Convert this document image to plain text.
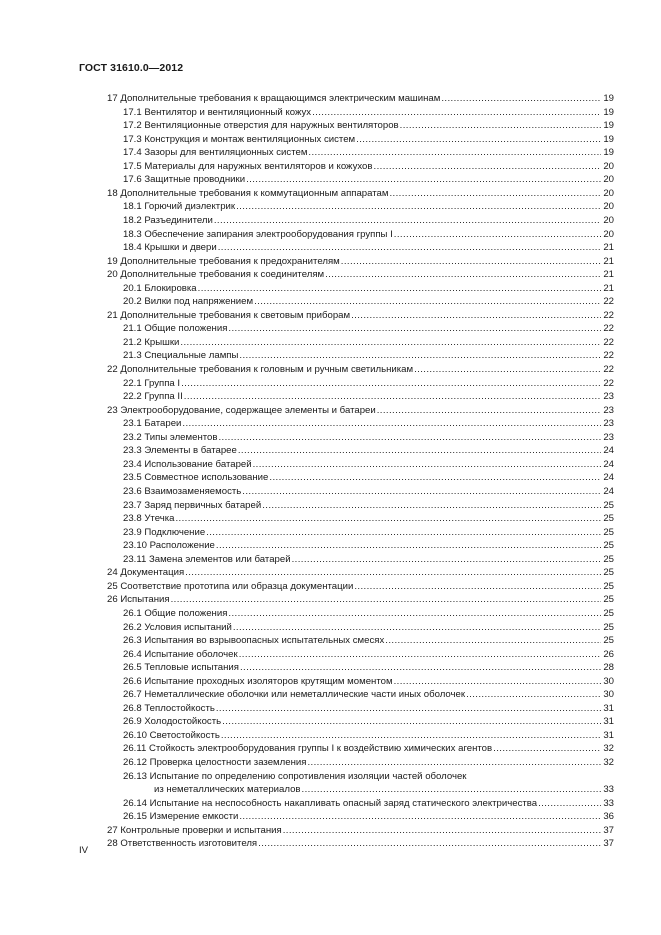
ГОСТ 31610.0—2012
17 Дополнительные требования к вращающимся электрическим машинам .....	19
17.1 Вентилятор и вентиляционный кожух .....	19
17.2 Вентиляционные отверстия для наружных вентиляторов .....	19
17.3 Конструкция и монтаж вентиляционных систем .....	19
17.4 Зазоры для вентиляционных систем .....	19
17.5 Материалы для наружных вентиляторов и кожухов .....	20
17.6 Защитные проводники .....	20
18 Дополнительные требования к коммутационным аппаратам .....	20
18.1 Горючий диэлектрик .....	20
18.2 Разъединители .....	20
18.3 Обеспечение запирания электрооборудования группы I .....	20
18.4 Крышки и двери .....	21
19 Дополнительные требования к предохранителям .....	21
20 Дополнительные требования к соединителям .....	21
20.1 Блокировка .....	21
20.2 Вилки под напряжением .....	22
21 Дополнительные требования к световым приборам .....	22
21.1 Общие положения .....	22
21.2 Крышки .....	22
21.3 Специальные лампы .....	22
22 Дополнительные требования к головным и ручным светильникам .....	22
22.1 Группа I .....	22
22.2 Группа II .....	23
23 Электрооборудование, содержащее элементы и батареи .....	23
23.1 Батареи .....	23
23.2 Типы элементов .....	23
23.3 Элементы в батарее .....	24
23.4 Использование батарей .....	24
23.5 Совместное использование .....	24
23.6 Взаимозаменяемость .....	24
23.7 Заряд первичных батарей .....	25
23.8 Утечка .....	25
23.9 Подключение .....	25
23.10 Расположение .....	25
23.11 Замена элементов или батарей .....	25
24 Документация .....	25
25 Соответствие прототипа или образца документации .....	25
26 Испытания .....	25
26.1 Общие положения .....	25
26.2 Условия испытаний .....	25
26.3 Испытания во взрывоопасных испытательных смесях .....	25
26.4 Испытание оболочек .....	26
26.5 Тепловые испытания .....	28
26.6 Испытание проходных изоляторов крутящим моментом .....	30
26.7 Неметаллические оболочки или неметаллические части иных оболочек .....	30
26.8 Теплостойкость .....	31
26.9 Холодостойкость .....	31
26.10 Светостойкость .....	31
26.11 Стойкость электрооборудования группы I к воздействию химических агентов .....	32
26.12 Проверка целостности заземления .....	32
26.13 Испытание по определению сопротивления изоляции частей оболочек
из неметаллических материалов .....	33
26.14 Испытание на неспособность накапливать опасный заряд статического электричества .....	33
26.15 Измерение емкости .....	36
27 Контрольные проверки и испытания .....	37
28 Ответственность изготовителя .....	37
IV
